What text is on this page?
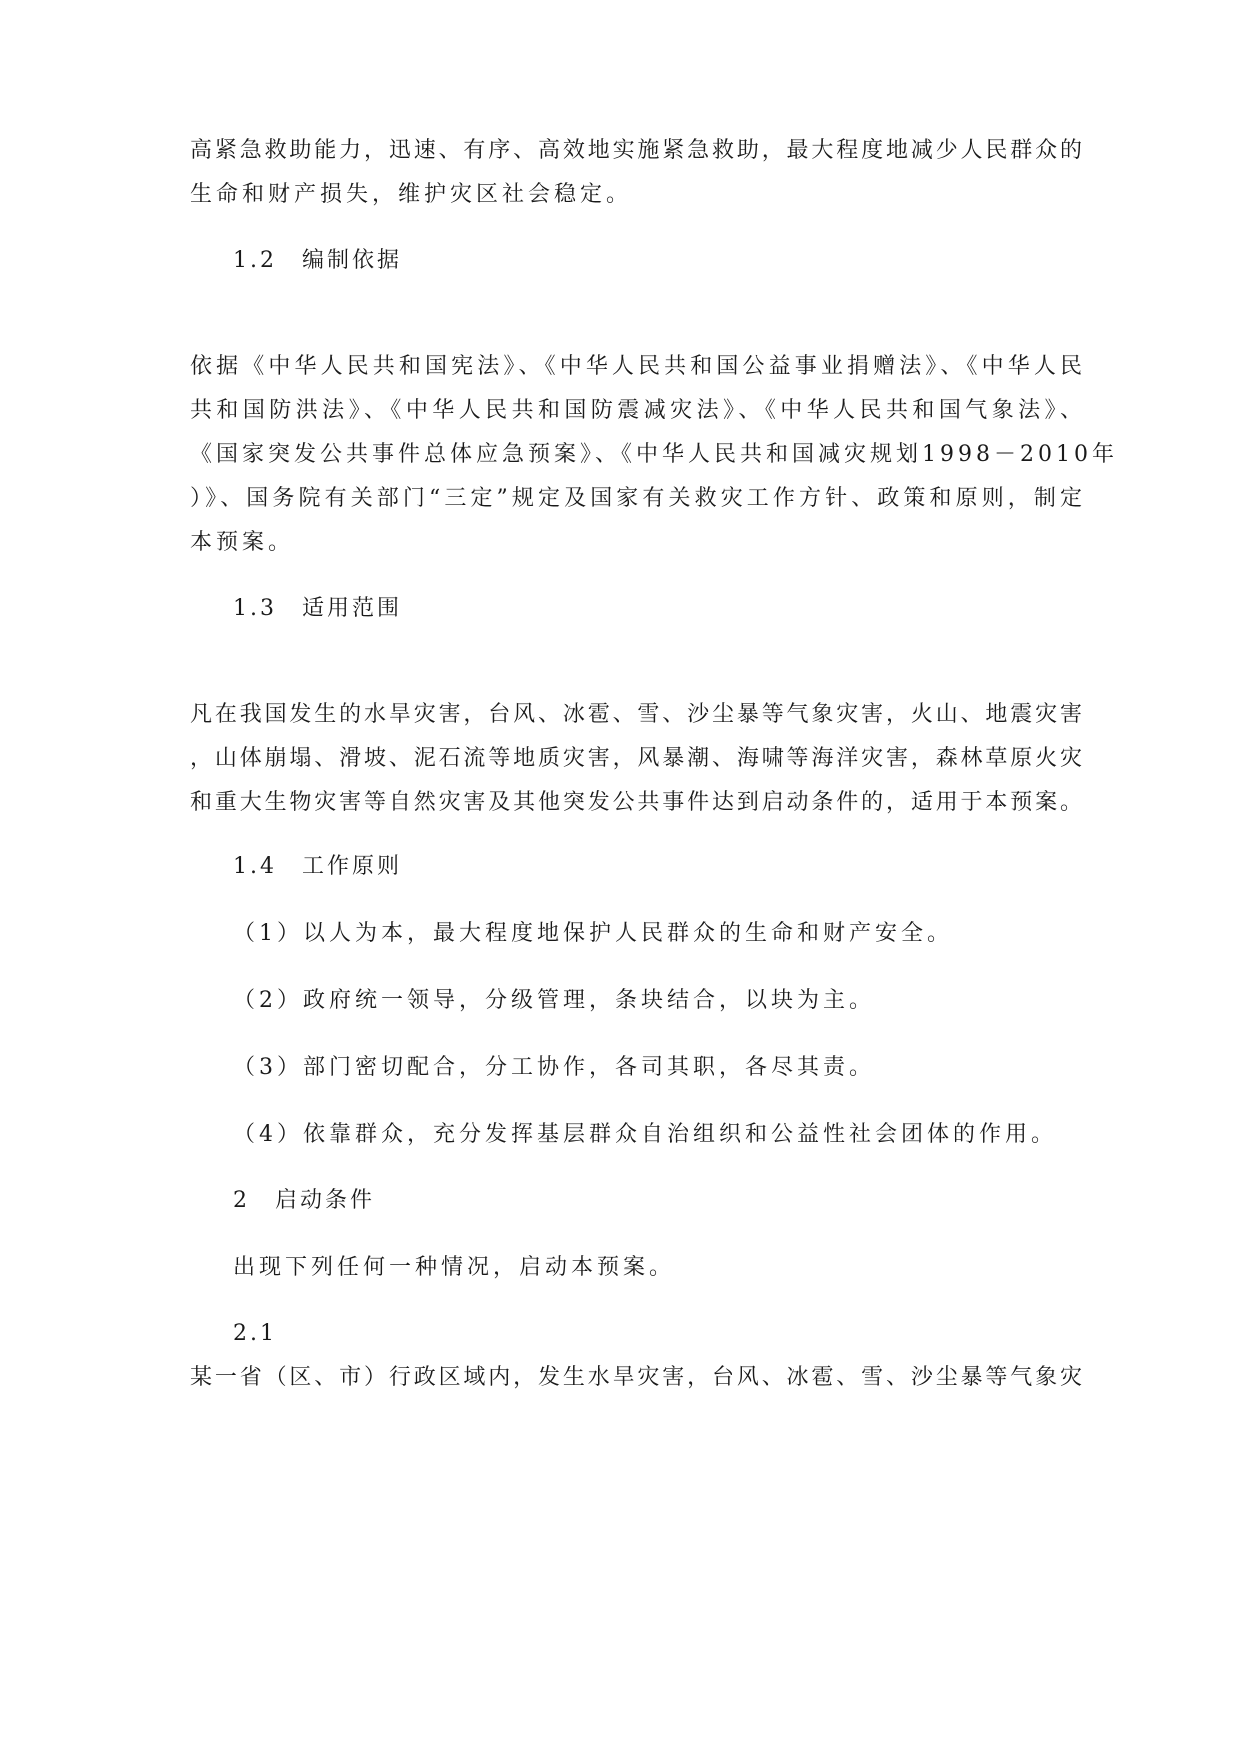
高紧急救助能力，迅速、有序、高效地实施紧急救助，最大程度地减少人民群众的
生命和财产损失，维护灾区社会稳定。
1.2　编制依据
依据《中华人民共和国宪法》、《中华人民共和国公益事业捐赠法》、《中华人民
共和国防洪法》、《中华人民共和国防震减灾法》、《中华人民共和国气象法》、
《国家突发公共事件总体应急预案》、《中华人民共和国减灾规划1998－2010年
）》、国务院有关部门“三定”规定及国家有关救灾工作方针、政策和原则，制定
本预案。
1.3　适用范围
凡在我国发生的水旱灾害，台风、冰雹、雪、沙尘暴等气象灾害，火山、地震灾害
，山体崩塌、滑坡、泥石流等地质灾害，风暴潮、海啸等海洋灾害，森林草原火灾
和重大生物灾害等自然灾害及其他突发公共事件达到启动条件的，适用于本预案。
1.4　工作原则
（1）以人为本，最大程度地保护人民群众的生命和财产安全。
（2）政府统一领导，分级管理，条块结合，以块为主。
（3）部门密切配合，分工协作，各司其职，各尽其责。
（4）依靠群众，充分发挥基层群众自治组织和公益性社会团体的作用。
2　启动条件
出现下列任何一种情况，启动本预案。
2.1
某一省（区、市）行政区域内，发生水旱灾害，台风、冰雹、雪、沙尘暴等气象灾
